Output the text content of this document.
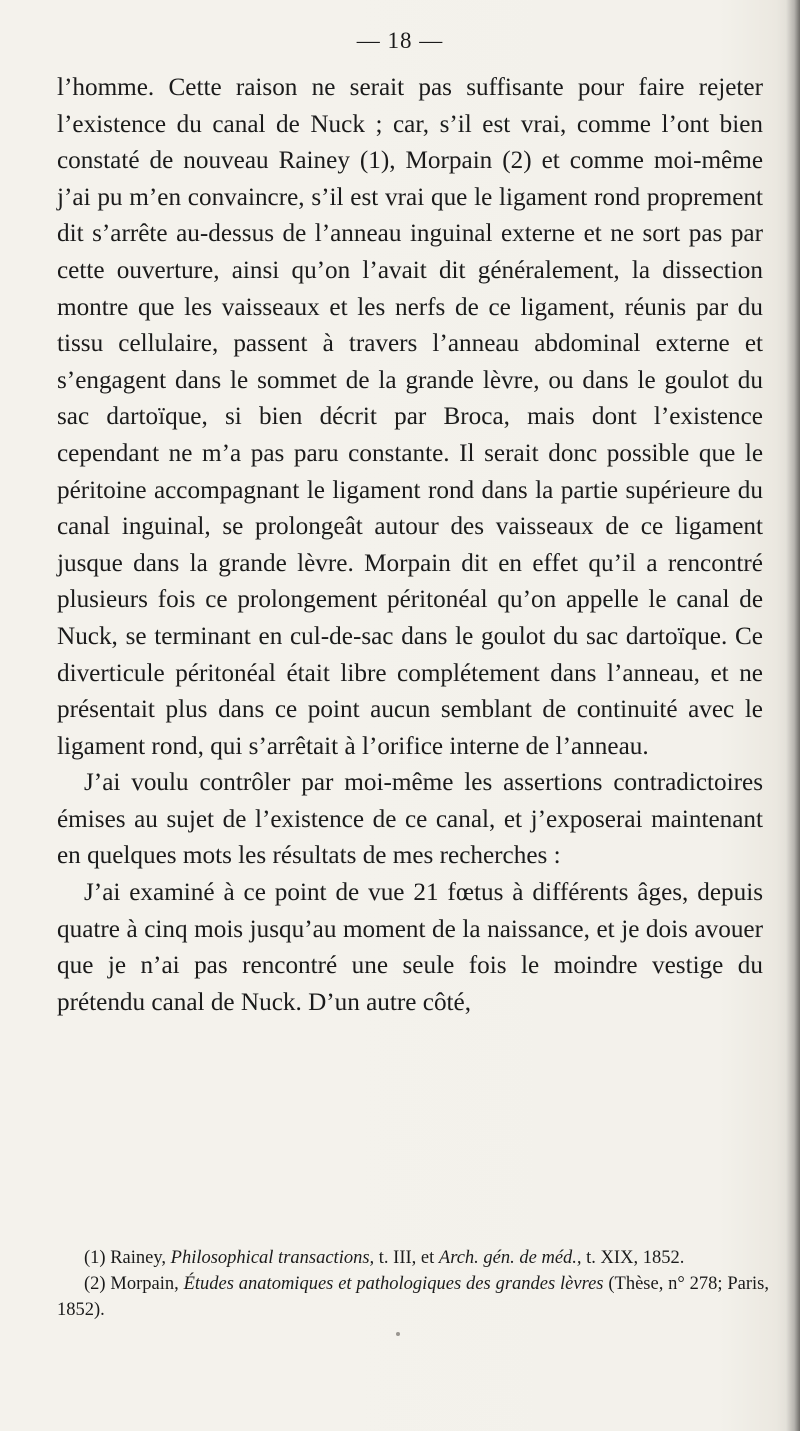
— 18 —

l’homme. Cette raison ne serait pas suffisante pour faire rejeter l’existence du canal de Nuck ; car, s’il est vrai, comme l’ont bien constaté de nouveau Rainey (1), Morpain (2) et comme moi-même j’ai pu m’en convaincre, s’il est vrai que le ligament rond proprement dit s’arrête au-dessus de l’anneau inguinal externe et ne sort pas par cette ouverture, ainsi qu’on l’avait dit généralement, la dissection montre que les vaisseaux et les nerfs de ce ligament, réunis par du tissu cellulaire, passent à travers l’anneau abdominal externe et s’engagent dans le sommet de la grande lèvre, ou dans le goulot du sac dartoïque, si bien décrit par Broca, mais dont l’existence cependant ne m’a pas paru constante. Il serait donc possible que le péritoine accompagnant le ligament rond dans la partie supérieure du canal inguinal, se prolongeât autour des vaisseaux de ce ligament jusque dans la grande lèvre. Morpain dit en effet qu’il a rencontré plusieurs fois ce prolongement péritonéal qu’on appelle le canal de Nuck, se terminant en cul-de-sac dans le goulot du sac dartoïque. Ce diverticule péritonéal était libre complétement dans l’anneau, et ne présentait plus dans ce point aucun semblant de continuité avec le ligament rond, qui s’arrêtait à l’orifice interne de l’anneau.

J’ai voulu contrôler par moi-même les assertions contradictoires émises au sujet de l’existence de ce canal, et j’exposerai maintenant en quelques mots les résultats de mes recherches :

J’ai examiné à ce point de vue 21 fœtus à différents âges, depuis quatre à cinq mois jusqu’au moment de la naissance, et je dois avouer que je n’ai pas rencontré une seule fois le moindre vestige du prétendu canal de Nuck. D’un autre côté,

(1) Rainey, Philosophical transactions, t. III, et Arch. gén. de méd., t. XIX, 1852.

(2) Morpain, Études anatomiques et pathologiques des grandes lèvres (Thèse, n° 278; Paris, 1852).
